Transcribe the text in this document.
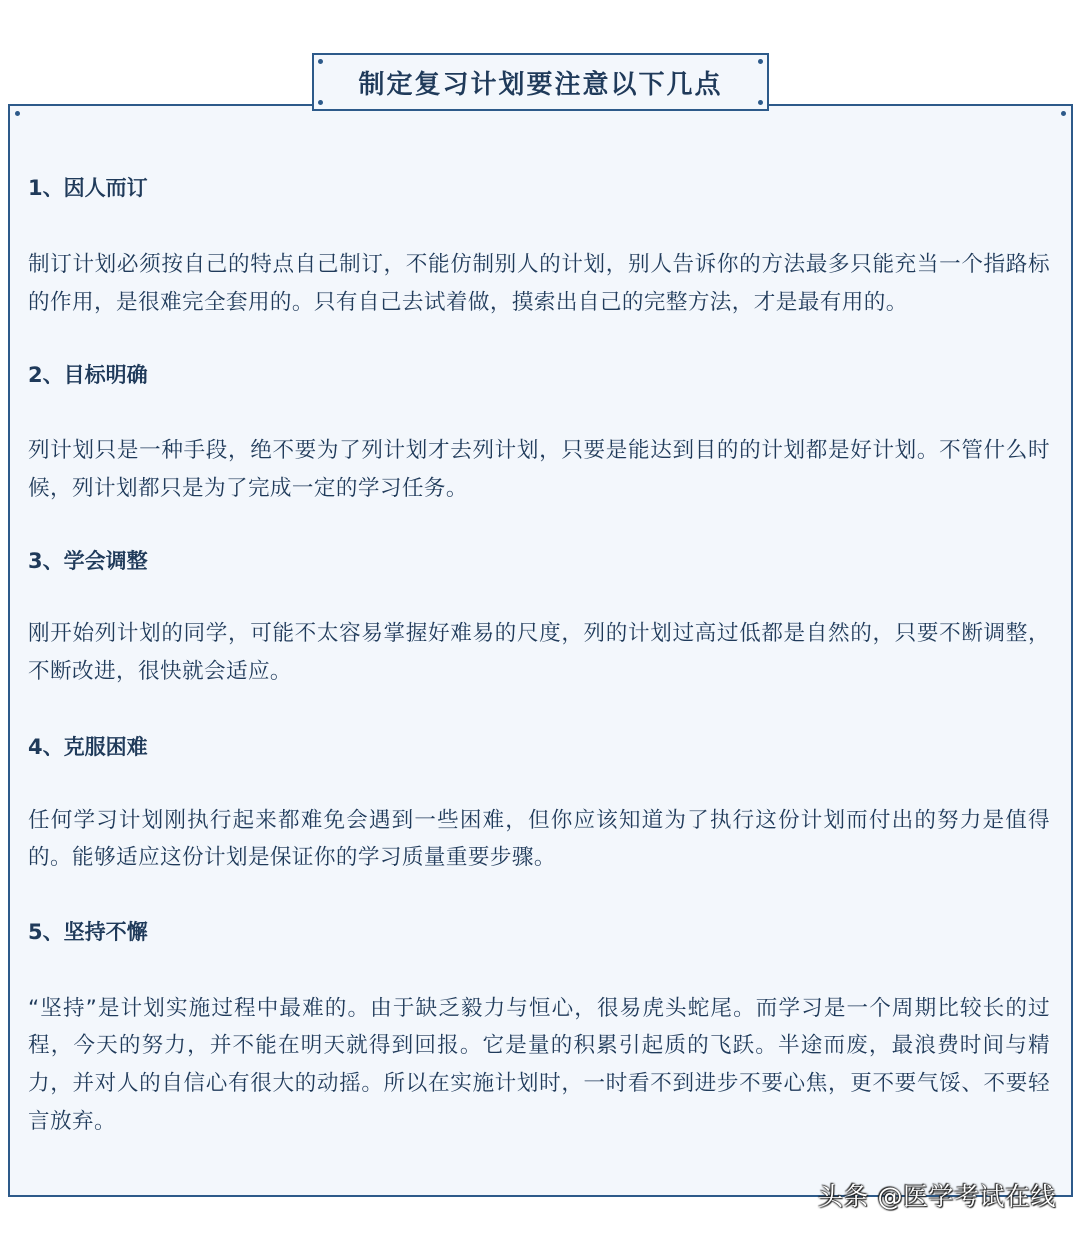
制定复习计划要注意以下几点
1、因人而订

制订计划必须按自己的特点自己制订，不能仿制别人的计划，别人告诉你的方法最多只能充当一个指路标的作用，是很难完全套用的。只有自己去试着做，摸索出自己的完整方法，才是最有用的。

2、目标明确

列计划只是一种手段，绝不要为了列计划才去列计划，只要是能达到目的的计划都是好计划。不管什么时候，列计划都只是为了完成一定的学习任务。

3、学会调整

刚开始列计划的同学，可能不太容易掌握好难易的尺度，列的计划过高过低都是自然的，只要不断调整，不断改进，很快就会适应。

4、克服困难

任何学习计划刚执行起来都难免会遇到一些困难，但你应该知道为了执行这份计划而付出的努力是值得的。能够适应这份计划是保证你的学习质量重要步骤。

5、坚持不懈

“坚持”是计划实施过程中最难的。由于缺乏毅力与恒心，很易虎头蛇尾。而学习是一个周期比较长的过程，今天的努力，并不能在明天就得到回报。它是量的积累引起质的飞跃。半途而废，最浪费时间与精力，并对人的自信心有很大的动摇。所以在实施计划时，一时看不到进步不要心焦，更不要气馁、不要轻言放弃。

头条 @医学考试在线
